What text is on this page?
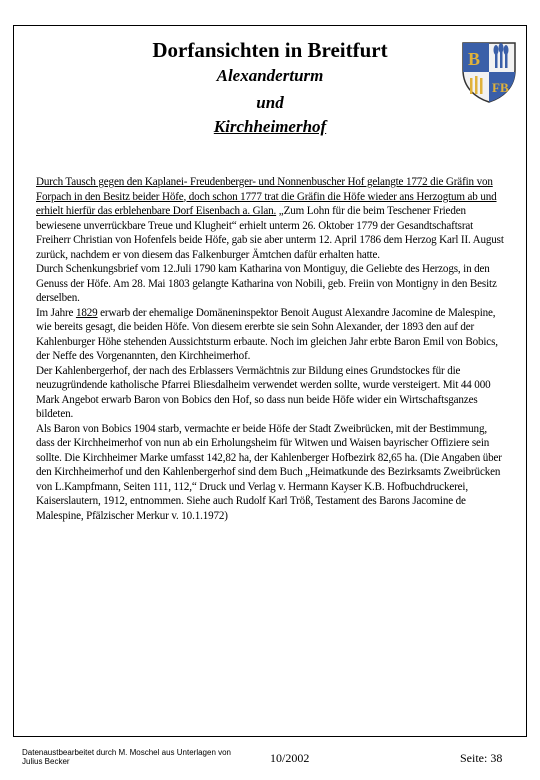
Dorfansichten in Breitfurt
Alexanderturm
und
Kirchheimerhof
B
FB

Durch Tausch gegen den Kaplanei- Freudenberger- und Nonnenbuscher Hof gelangte 1772 die Gräfin von Forpach in den Besitz beider Höfe, doch schon 1777 trat die Gräfin die Höfe wieder ans Herzogtum ab und erhielt hierfür das erblehenbare Dorf Eisenbach a. Glan. „Zum Lohn für die beim Teschener Frieden bewiesene unverrückbare Treue und Klugheit“ erhielt unterm 26. Oktober 1779 der Gesandtschaftsrat Freiherr Christian von Hofenfels beide Höfe, gab sie aber unterm 12. April 1786 dem Herzog Karl II. August zurück, nachdem er von diesem das Falkenburger Ämtchen dafür erhalten hatte.

Durch Schenkungsbrief vom 12.Juli 1790 kam Katharina von Montiguy, die Geliebte des Herzogs, in den Genuss der Höfe. Am 28. Mai 1803 gelangte Katharina von Nobili, geb. Freiin von Montigny in den Besitz derselben.

Im Jahre 1829 erwarb der ehemalige Domäneninspektor Benoit August Alexandre Jacomine de Malespine, wie bereits gesagt, die beiden Höfe. Von diesem ererbte sie sein Sohn Alexander, der 1893 den auf der Kahlenburger Höhe stehenden Aussichtsturm erbaute. Noch im gleichen Jahr erbte Baron Emil von Bobics, der Neffe des Vorgenannten, den Kirchheimerhof.

Der Kahlenbergerhof, der nach des Erblassers Vermächtnis zur Bildung eines Grundstockes für die neuzugründende katholische Pfarrei Bliesdalheim verwendet werden sollte, wurde versteigert. Mit 44 000 Mark Angebot erwarb Baron von Bobics den Hof, so dass nun beide Höfe wider ein Wirtschaftsganzes bildeten.

Als Baron von Bobics 1904 starb, vermachte er beide Höfe der Stadt Zweibrücken, mit der Bestimmung, dass der Kirchheimerhof von nun ab ein Erholungsheim für Witwen und Waisen bayrischer Offiziere sein sollte. Die Kirchheimer Marke umfasst 142,82 ha, der Kahlenberger Hofbezirk 82,65 ha. (Die Angaben über den Kirchheimerhof und den Kahlenbergerhof sind dem Buch „Heimatkunde des Bezirksamts Zweibrücken von L.Kampfmann, Seiten 111, 112,“ Druck und Verlag v. Hermann Kayser K.B. Hofbuchdruckerei, Kaiserslautern, 1912, entnommen. Siehe auch Rudolf Karl Tröß, Testament des Barons Jacomine de Malespine, Pfälzischer Merkur v. 10.1.1972)

Datenaustbearbeitet durch M. Moschel aus Unterlagen von
Julius Becker	10/2002	Seite: 38
